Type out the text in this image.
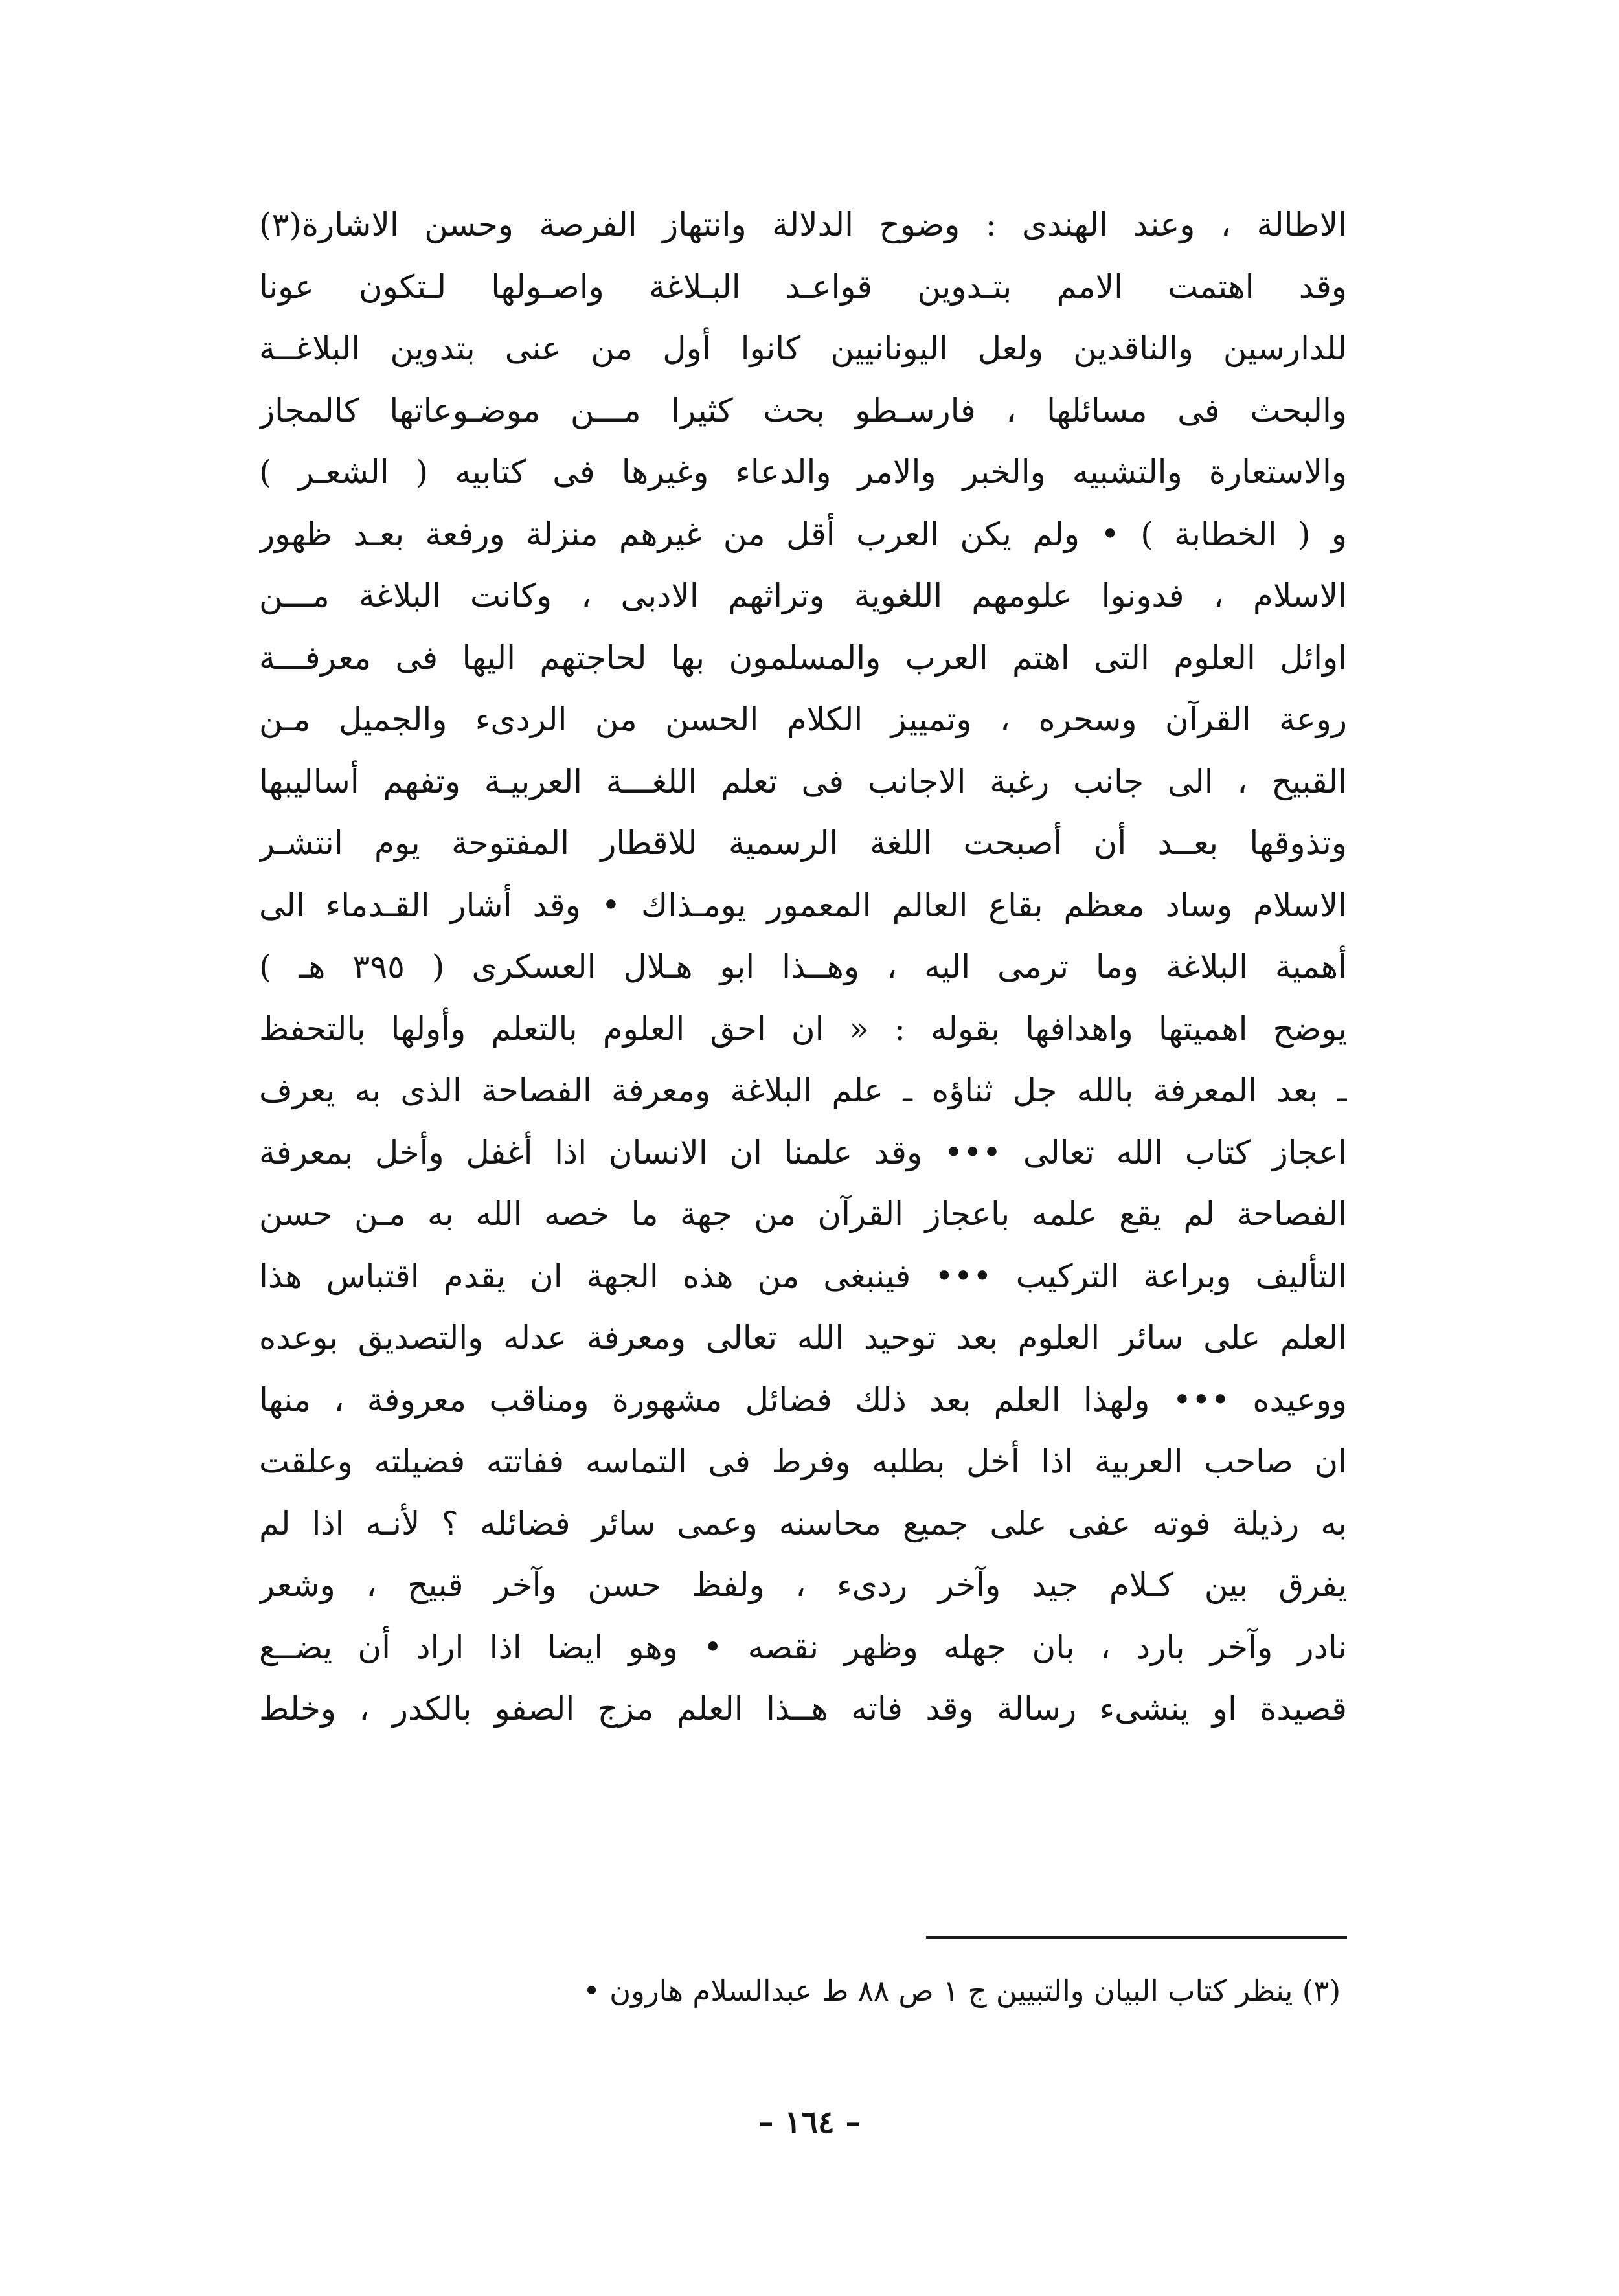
الاطالة ، وعند الهندى : وضوح الدلالة وانتهاز الفرصة وحسن الاشارة(٣)
وقد اهتمت الامم بتـدوين قواعـد البـلاغة واصـولها لـتكون عونا
للدارسين والناقدين ولعل اليونانيين كانوا أول من عنى بتدوين البلاغــة
والبحث فى مسائلها ، فارسـطو بحث كثيرا مـــن موضـوعاتها كالمجاز
والاستعارة والتشبيه والخبر والامر والدعاء وغيرها فى كتابيه ( الشعـر )
و ( الخطابة ) • ولم يكن العرب أقل من غيرهم منزلة ورفعة بعـد ظهور
الاسلام ، فدونوا علومهم اللغوية وتراثهم الادبى ، وكانت البلاغة مـــن
اوائل العلوم التى اهتم العرب والمسلمون بها لحاجتهم اليها فى معرفـــة
روعة القرآن وسحره ، وتمييز الكلام الحسن من الردىء والجميل مـن
القبيح ، الى جانب رغبة الاجانب فى تعلم اللغـــة العربيـة وتفهم أساليبها
وتذوقها بعــد أن أصبحت اللغة الرسمية للاقطار المفتوحة يوم انتشـر
الاسلام وساد معظم بقاع العالم المعمور يومـذاك • وقد أشار القـدماء الى
أهمية البلاغة وما ترمى اليه ، وهــذا ابو هـلال العسكرى ( ٣٩٥ هـ )
يوضح اهميتها واهدافها بقوله : « ان احق العلوم بالتعلم وأولها بالتحفظ
ـ بعد المعرفة بالله جل ثناؤه ـ علم البلاغة ومعرفة الفصاحة الذى به يعرف
اعجاز كتاب الله تعالى ••• وقد علمنا ان الانسان اذا أغفل وأخل بمعرفة
الفصاحة لم يقع علمه باعجاز القرآن من جهة ما خصه الله به مـن حسن
التأليف وبراعة التركيب ••• فينبغى من هذه الجهة ان يقدم اقتباس هذا
العلم على سائر العلوم بعد توحيد الله تعالى ومعرفة عدله والتصديق بوعده
ووعيده ••• ولهذا العلم بعد ذلك فضائل مشهورة ومناقب معروفة ، منها
ان صاحب العربية اذا أخل بطلبه وفرط فى التماسه ففاتته فضيلته وعلقت
به رذيلة فوته عفى على جميع محاسنه وعمى سائر فضائله ؟ لأنـه اذا لم
يفرق بين كـلام جيد وآخر ردىء ، ولفظ حسن وآخر قبيح ، وشعر
نادر وآخر بارد ، بان جهله وظهر نقصه • وهو ايضا اذا اراد أن يضــع
قصيدة او ينشىء رسالة وقد فاته هــذا العلم مزج الصفو بالكدر ، وخلط
(٣) ينظر كتاب البيان والتبيين ج ١ ص ٨٨ ط عبدالسلام هارون •
– ١٦٤ –
